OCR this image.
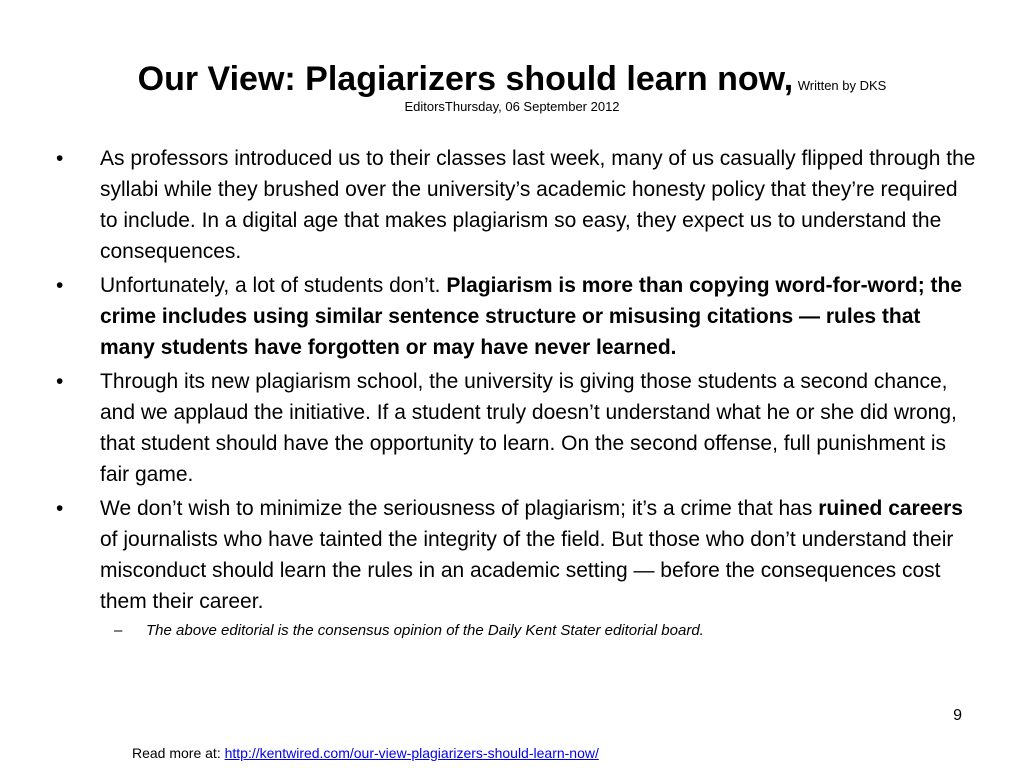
Our View: Plagiarizers should learn now, Written by DKS
EditorsThursday, 06 September 2012
• As professors introduced us to their classes last week, many of us casually flipped through the syllabi while they brushed over the university’s academic honesty policy that they’re required to include. In a digital age that makes plagiarism so easy, they expect us to understand the consequences.
• Unfortunately, a lot of students don’t. Plagiarism is more than copying word-for-word; the crime includes using similar sentence structure or misusing citations — rules that many students have forgotten or may have never learned.
• Through its new plagiarism school, the university is giving those students a second chance, and we applaud the initiative. If a student truly doesn’t understand what he or she did wrong, that student should have the opportunity to learn. On the second offense, full punishment is fair game.
• We don’t wish to minimize the seriousness of plagiarism; it’s a crime that has ruined careers of journalists who have tainted the integrity of the field. But those who don’t understand their misconduct should learn the rules in an academic setting — before the consequences cost them their career.
– The above editorial is the consensus opinion of the Daily Kent Stater editorial board.
9
Read more at: http://kentwired.com/our-view-plagiarizers-should-learn-now/
